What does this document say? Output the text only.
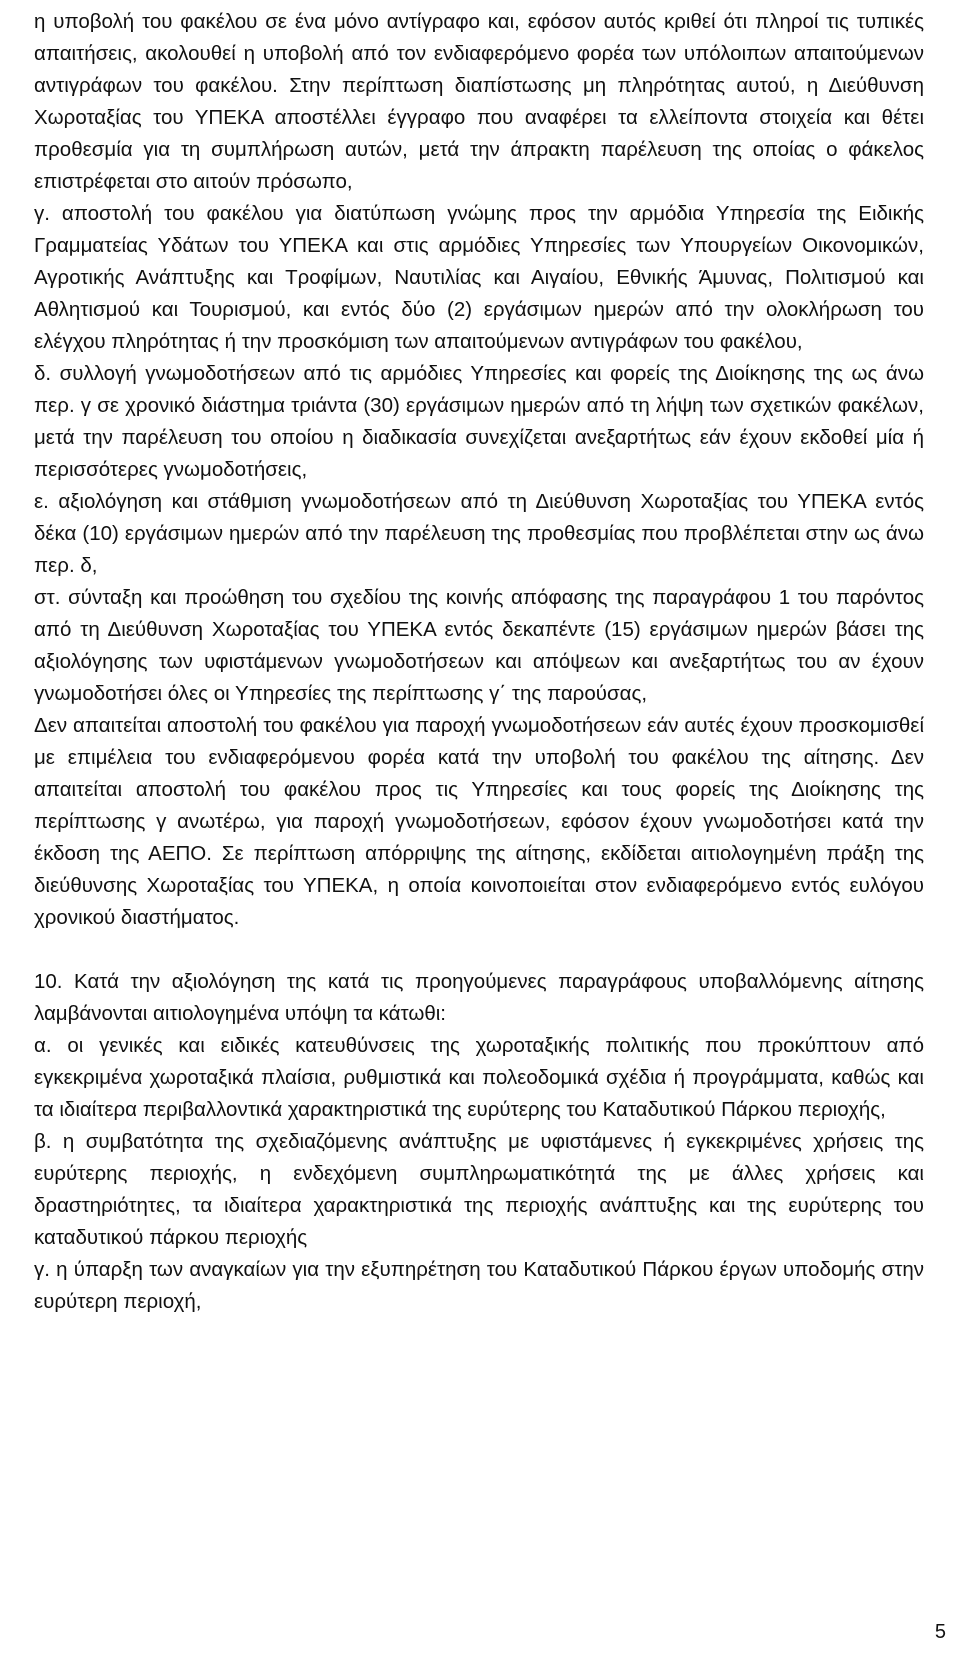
η υποβολή του φακέλου σε ένα μόνο αντίγραφο και, εφόσον αυτός κριθεί ότι πληροί τις τυπικές απαιτήσεις, ακολουθεί η υποβολή από τον ενδιαφερόμενο φορέα των υπόλοιπων απαιτούμενων αντιγράφων του φακέλου. Στην περίπτωση διαπίστωσης μη πληρότητας αυτού, η Διεύθυνση Χωροταξίας του ΥΠΕΚΑ αποστέλλει έγγραφο που αναφέρει τα ελλείποντα στοιχεία και θέτει προθεσμία για τη συμπλήρωση αυτών, μετά την άπρακτη παρέλευση της οποίας ο φάκελος επιστρέφεται στο αιτούν πρόσωπο,

γ. αποστολή του φακέλου για διατύπωση γνώμης προς την αρμόδια Υπηρεσία της Ειδικής Γραμματείας Υδάτων του ΥΠΕΚΑ και στις αρμόδιες Υπηρεσίες των Υπουργείων Οικονομικών, Αγροτικής Ανάπτυξης και Τροφίμων, Ναυτιλίας και Αιγαίου, Εθνικής Άμυνας, Πολιτισμού και Αθλητισμού και Τουρισμού, και εντός δύο (2) εργάσιμων ημερών από την ολοκλήρωση του ελέγχου πληρότητας ή την προσκόμιση των απαιτούμενων αντιγράφων του φακέλου,

δ. συλλογή γνωμοδοτήσεων από τις αρμόδιες Υπηρεσίες και φορείς της Διοίκησης της ως άνω περ. γ σε χρονικό διάστημα τριάντα (30) εργάσιμων ημερών από τη λήψη των σχετικών φακέλων, μετά την παρέλευση του οποίου η διαδικασία συνεχίζεται ανεξαρτήτως εάν έχουν εκδοθεί μία ή περισσότερες γνωμοδοτήσεις,

ε. αξιολόγηση και στάθμιση γνωμοδοτήσεων από τη Διεύθυνση Χωροταξίας του ΥΠΕΚΑ εντός δέκα (10) εργάσιμων ημερών από την παρέλευση της προθεσμίας που προβλέπεται στην ως άνω περ. δ,

στ. σύνταξη και προώθηση του σχεδίου της κοινής απόφασης της παραγράφου 1 του παρόντος από τη Διεύθυνση Χωροταξίας του ΥΠΕΚΑ εντός δεκαπέντε (15) εργάσιμων ημερών βάσει της αξιολόγησης των υφιστάμενων γνωμοδοτήσεων και απόψεων και ανεξαρτήτως του αν έχουν γνωμοδοτήσει όλες οι Υπηρεσίες της περίπτωσης γ΄ της παρούσας,

Δεν απαιτείται αποστολή του φακέλου για παροχή γνωμοδοτήσεων εάν αυτές έχουν προσκομισθεί με επιμέλεια του ενδιαφερόμενου φορέα κατά την υποβολή του φακέλου της αίτησης. Δεν απαιτείται αποστολή του φακέλου προς τις Υπηρεσίες και τους φορείς της Διοίκησης της περίπτωσης γ ανωτέρω, για παροχή γνωμοδοτήσεων, εφόσον έχουν γνωμοδοτήσει κατά την έκδοση της ΑΕΠΟ. Σε περίπτωση απόρριψης της αίτησης, εκδίδεται αιτιολογημένη πράξη της διεύθυνσης Χωροταξίας του ΥΠΕΚΑ, η οποία κοινοποιείται στον ενδιαφερόμενο εντός ευλόγου χρονικού διαστήματος.

10. Κατά την αξιολόγηση της κατά τις προηγούμενες παραγράφους υποβαλλόμενης αίτησης λαμβάνονται αιτιολογημένα υπόψη τα κάτωθι:

α. οι γενικές και ειδικές κατευθύνσεις της χωροταξικής πολιτικής που προκύπτουν από εγκεκριμένα χωροταξικά πλαίσια, ρυθμιστικά και πολεοδομικά σχέδια ή προγράμματα, καθώς και τα ιδιαίτερα περιβαλλοντικά χαρακτηριστικά της ευρύτερης του Καταδυτικού Πάρκου περιοχής,

β. η συμβατότητα της σχεδιαζόμενης ανάπτυξης με υφιστάμενες ή εγκεκριμένες χρήσεις της ευρύτερης περιοχής, η ενδεχόμενη συμπληρωματικότητά της με άλλες χρήσεις και δραστηριότητες, τα ιδιαίτερα χαρακτηριστικά της περιοχής ανάπτυξης και της ευρύτερης του καταδυτικού πάρκου περιοχής

γ. η ύπαρξη των αναγκαίων για την εξυπηρέτηση του Καταδυτικού Πάρκου έργων υποδομής στην ευρύτερη περιοχή,

5
